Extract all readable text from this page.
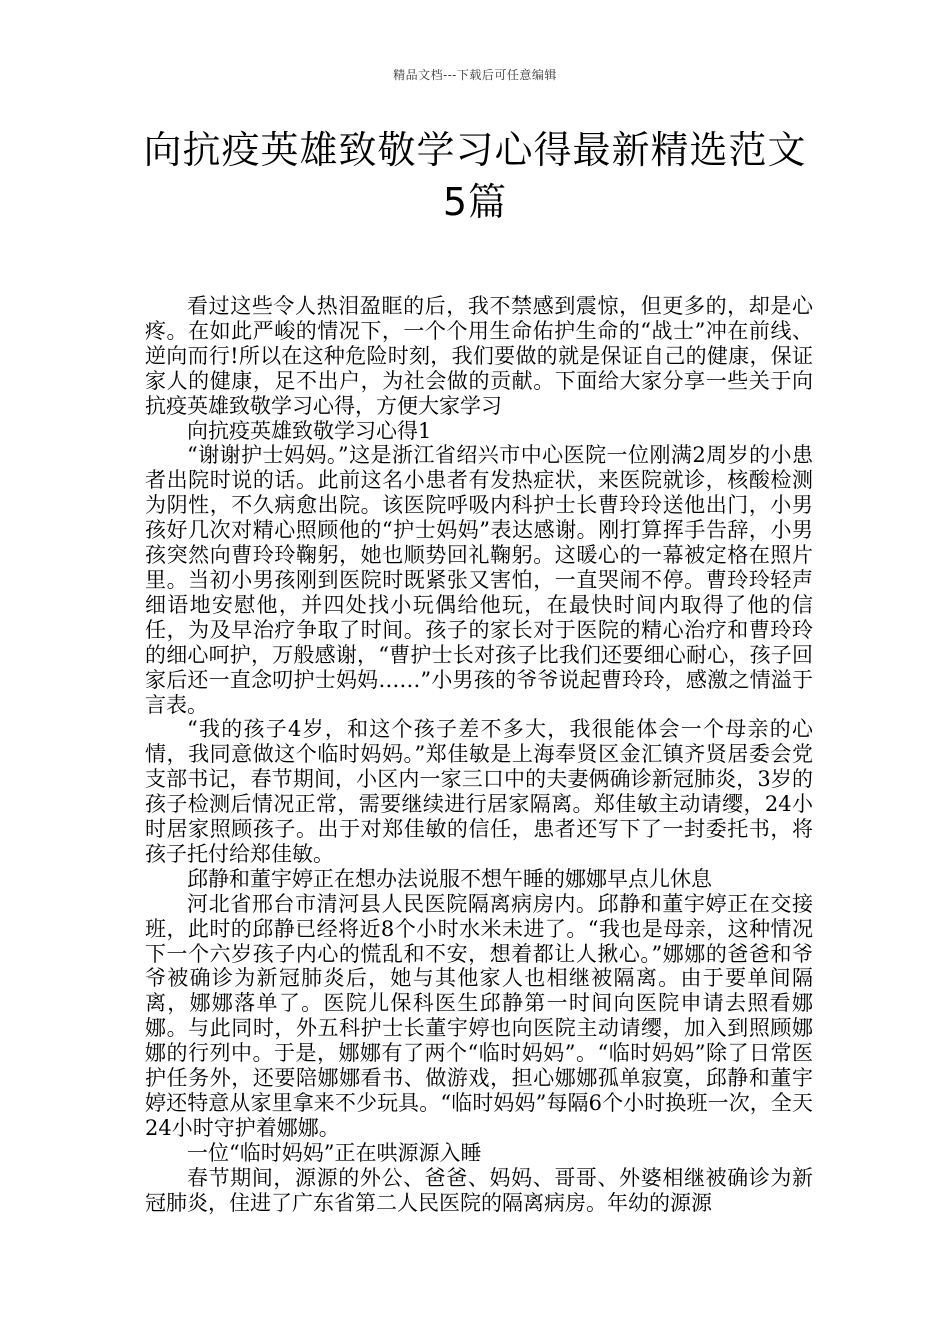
精品文档---下载后可任意编辑
向抗疫英雄致敬学习心得最新精选范文
5篇

看过这些令人热泪盈眶的后，我不禁感到震惊，但更多的，却是心疼。在如此严峻的情况下，一个个用生命佑护生命的“战士”冲在前线、逆向而行!所以在这种危险时刻，我们要做的就是保证自己的健康，保证家人的健康，足不出户，为社会做的贡献。下面给大家分享一些关于向抗疫英雄致敬学习心得，方便大家学习

向抗疫英雄致敬学习心得1

“谢谢护士妈妈。”这是浙江省绍兴市中心医院一位刚满2周岁的小患者出院时说的话。此前这名小患者有发热症状，来医院就诊，核酸检测为阴性，不久病愈出院。该医院呼吸内科护士长曹玲玲送他出门，小男孩好几次对精心照顾他的“护士妈妈”表达感谢。刚打算挥手告辞，小男孩突然向曹玲玲鞠躬，她也顺势回礼鞠躬。这暖心的一幕被定格在照片里。当初小男孩刚到医院时既紧张又害怕，一直哭闹不停。曹玲玲轻声细语地安慰他，并四处找小玩偶给他玩，在最快时间内取得了他的信任，为及早治疗争取了时间。孩子的家长对于医院的精心治疗和曹玲玲的细心呵护，万般感谢，“曹护士长对孩子比我们还要细心耐心，孩子回家后还一直念叨护士妈妈……”小男孩的爷爷说起曹玲玲，感激之情溢于言表。

“我的孩子4岁，和这个孩子差不多大，我很能体会一个母亲的心情，我同意做这个临时妈妈。”郑佳敏是上海奉贤区金汇镇齐贤居委会党支部书记，春节期间，小区内一家三口中的夫妻俩确诊新冠肺炎，3岁的孩子检测后情况正常，需要继续进行居家隔离。郑佳敏主动请缨，24小时居家照顾孩子。出于对郑佳敏的信任，患者还写下了一封委托书，将孩子托付给郑佳敏。

邱静和董宇婷正在想办法说服不想午睡的娜娜早点儿休息

河北省邢台市清河县人民医院隔离病房内。邱静和董宇婷正在交接班，此时的邱静已经将近8个小时水米未进了。“我也是母亲，这种情况下一个六岁孩子内心的慌乱和不安，想着都让人揪心。”娜娜的爸爸和爷爷被确诊为新冠肺炎后，她与其他家人也相继被隔离。由于要单间隔离，娜娜落单了。医院儿保科医生邱静第一时间向医院申请去照看娜娜。与此同时，外五科护士长董宇婷也向医院主动请缨，加入到照顾娜娜的行列中。于是，娜娜有了两个“临时妈妈”。“临时妈妈”除了日常医护任务外，还要陪娜娜看书、做游戏，担心娜娜孤单寂寞，邱静和董宇婷还特意从家里拿来不少玩具。“临时妈妈”每隔6个小时换班一次，全天24小时守护着娜娜。

一位“临时妈妈”正在哄源源入睡

春节期间，源源的外公、爸爸、妈妈、哥哥、外婆相继被确诊为新冠肺炎，住进了广东省第二人民医院的隔离病房。年幼的源源
